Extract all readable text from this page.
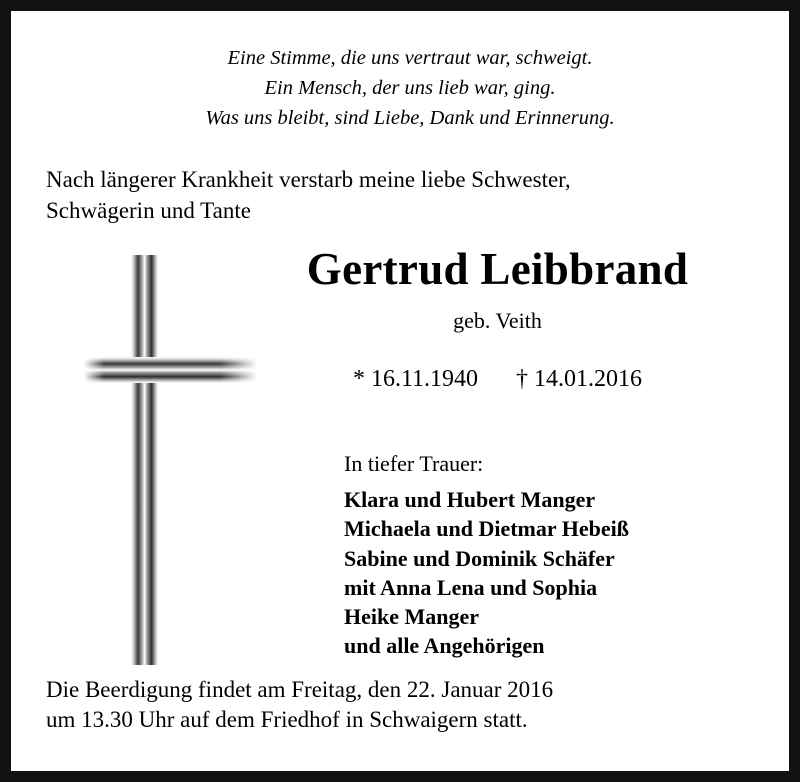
Eine Stimme, die uns vertraut war, schweigt.
Ein Mensch, der uns lieb war, ging.
Was uns bleibt, sind Liebe, Dank und Erinnerung.
Nach längerer Krankheit verstarb meine liebe Schwester,
Schwägerin und Tante
Gertrud Leibbrand
geb. Veith
* 16.11.1940 † 14.01.2016
In tiefer Trauer:
Klara und Hubert Manger
Michaela und Dietmar Hebeiß
Sabine und Dominik Schäfer
mit Anna Lena und Sophia
Heike Manger
und alle Angehörigen
Die Beerdigung findet am Freitag, den 22. Januar 2016
um 13.30 Uhr auf dem Friedhof in Schwaigern statt.
